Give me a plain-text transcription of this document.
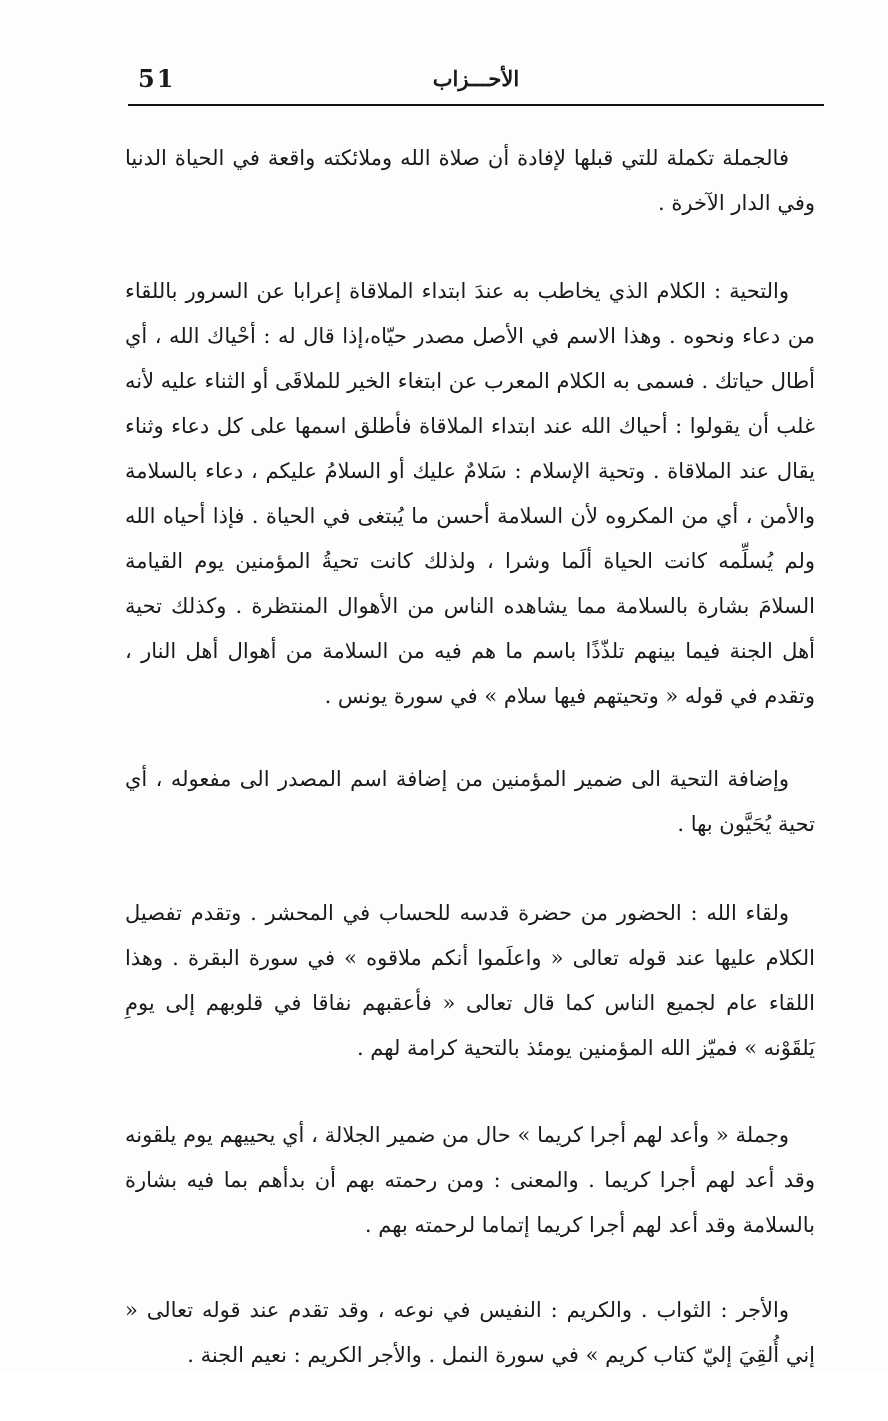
51	الأحـــزاب

فالجملة تكملة للتي قبلها لإفادة أن صلاة الله وملائكته واقعة في الحياة الدنيا وفي الدار الآخرة .

والتحية : الكلام الذي يخاطب به عندَ ابتداء الملاقاة إعرابا عن السرور باللقاء من دعاء ونحوه . وهذا الاسم في الأصل مصدر حيّاه،إذا قال له : أحْياك الله ، أي أطال حياتك . فسمى به الكلام المعرب عن ابتغاء الخير للملاقَى أو الثناء عليه لأنه غلب أن يقولوا : أحياك الله عند ابتداء الملاقاة فأطلق اسمها على كل دعاء وثناء يقال عند الملاقاة . وتحية الإسلام : سَلامٌ عليك أو السلامُ عليكم ، دعاء بالسلامة والأمن ، أي من المكروه لأن السلامة أحسن ما يُبتغى في الحياة . فإذا أحياه الله ولم يُسلِّمه كانت الحياة ألَما وشرا ، ولذلك كانت تحيةُ المؤمنين يوم القيامة السلامَ بشارة بالسلامة مما يشاهده الناس من الأهوال المنتظرة . وكذلك تحية أهل الجنة فيما بينهم تلذّذًا باسم ما هم فيه من السلامة من أهوال أهل النار ، وتقدم في قوله « وتحيتهم فيها سلام » في سورة يونس .

وإضافة التحية الى ضمير المؤمنين من إضافة اسم المصدر الى مفعوله ، أي تحية يُحَيَّون بها .

ولقاء الله : الحضور من حضرة قدسه للحساب في المحشر . وتقدم تفصيل الكلام عليها عند قوله تعالى « واعلَموا أنكم ملاقوه » في سورة البقرة . وهذا اللقاء عام لجميع الناس كما قال تعالى « فأعقبهم نفاقا في قلوبهم إلى يومِ يَلقَوْنه » فميّز الله المؤمنين يومئذ بالتحية كرامة لهم .

وجملة « وأعد لهم أجرا كريما » حال من ضمير الجلالة ، أي يحييهم يوم يلقونه وقد أعد لهم أجرا كريما . والمعنى : ومن رحمته بهم أن بدأهم بما فيه بشارة بالسلامة وقد أعد لهم أجرا كريما إتماما لرحمته بهم .

والأجر : الثواب . والكريم : النفيس في نوعه ، وقد تقدم عند قوله تعالى « إني أُلقِيَ إليّ كتاب كريم » في سورة النمل . والأجر الكريم : نعيم الجنة .
